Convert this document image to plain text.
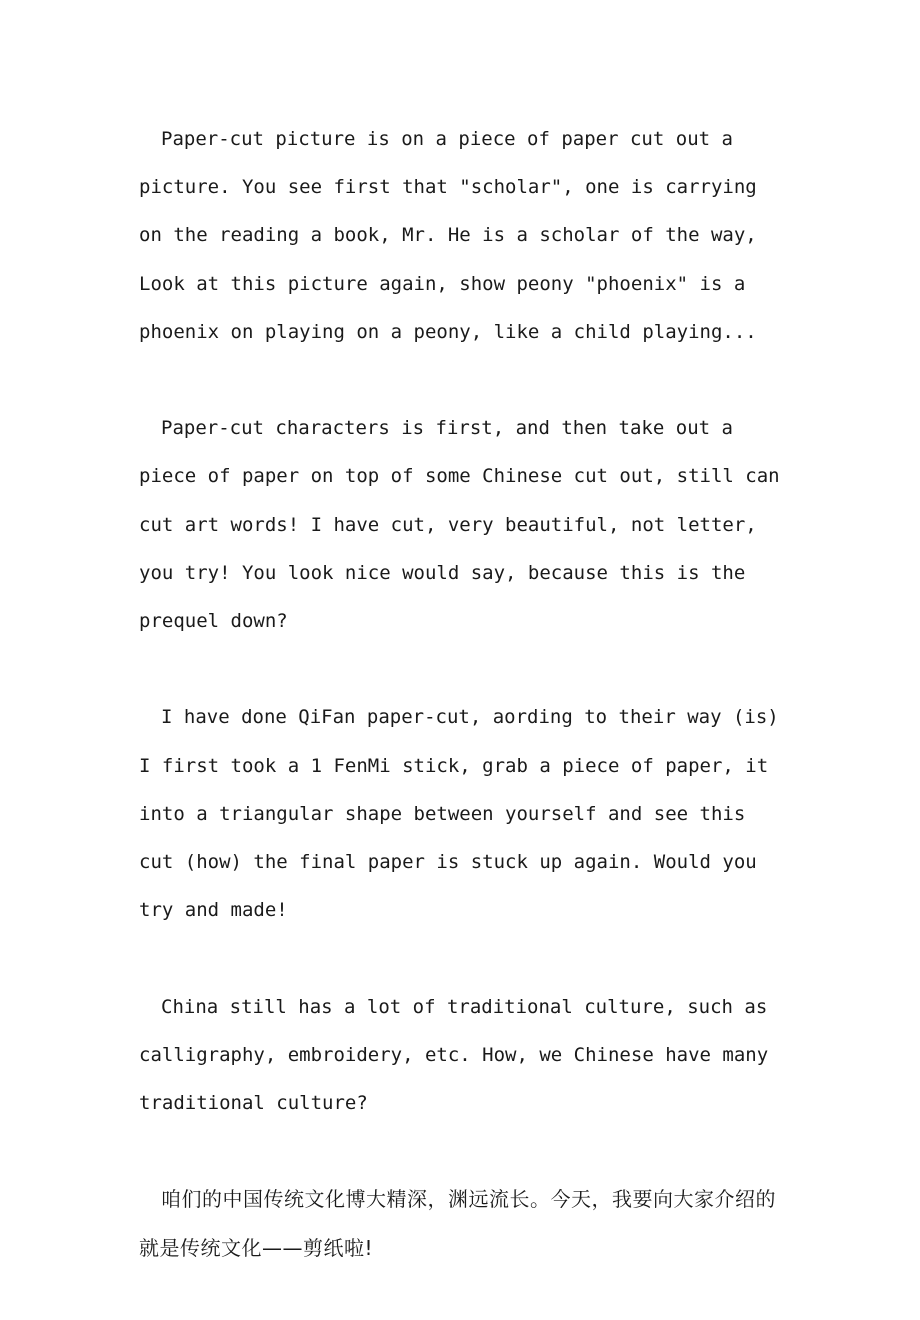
Paper-cut picture is on a piece of paper cut out a picture. You see first that "scholar", one is carrying on the reading a book, Mr. He is a scholar of the way, Look at this picture again, show peony "phoenix" is a phoenix on playing on a peony, like a child playing...

Paper-cut characters is first, and then take out a piece of paper on top of some Chinese cut out, still can cut art words! I have cut, very beautiful, not letter, you try! You look nice would say, because this is the prequel down?

I have done QiFan paper-cut, aording to their way (is) I first took a 1 FenMi stick, grab a piece of paper, it into a triangular shape between yourself and see this cut (how) the final paper is stuck up again. Would you try and made!

China still has a lot of traditional culture, such as calligraphy, embroidery, etc. How, we Chinese have many traditional culture?

咱们的中国传统文化博大精深，渊远流长。今天，我要向大家介绍的就是传统文化——剪纸啦!
